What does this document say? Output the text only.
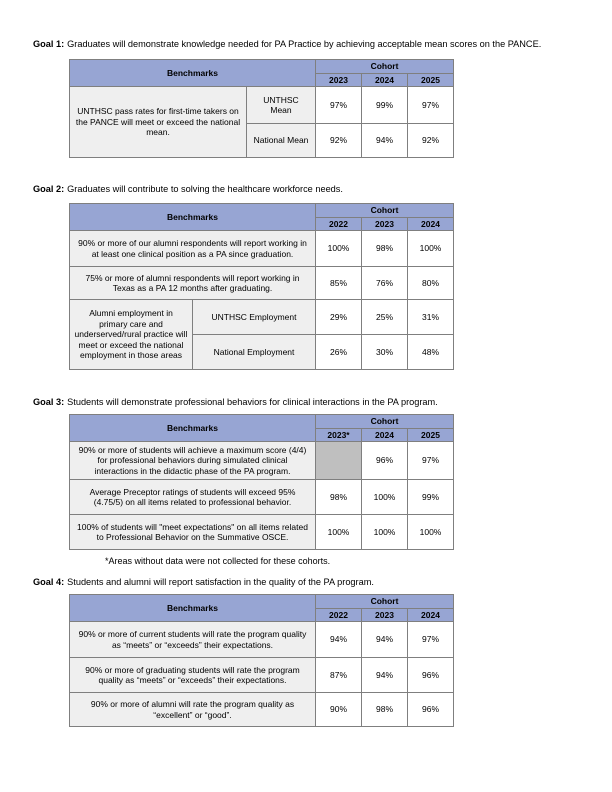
Goal 1: Graduates will demonstrate knowledge needed for PA Practice by achieving acceptable mean scores on the PANCE.

Benchmarks		Cohort		
		2023	2024	2025
UNTHSC pass rates for first-time takers on the PANCE will meet or exceed the national mean.	UNTHSC Mean	97%	99%	97%
	National Mean	92%	94%	92%

Goal 2: Graduates will contribute to solving the healthcare workforce needs.

Benchmarks		Cohort		
		2022	2023	2024
90% or more of our alumni respondents will report working in at least one clinical position as a PA since graduation.		100%	98%	100%
75% or more of alumni respondents will report working in Texas as a PA 12 months after graduating.		85%	76%	80%
Alumni employment in primary care and underserved/rural practice will meet or exceed the national employment in those areas	UNTHSC Employment	29%	25%	31%
	National Employment	26%	30%	48%

Goal 3: Students will demonstrate professional behaviors for clinical interactions in the PA program.

Benchmarks	Cohort		
	2023*	2024	2025
90% or more of students will achieve a maximum score (4/4) for professional behaviors during simulated clinical interactions in the didactic phase of the PA program.		96%	97%
Average Preceptor ratings of students will exceed 95% (4.75/5) on all items related to professional behavior.	98%	100%	99%
100% of students will "meet expectations" on all items related to Professional Behavior on the Summative OSCE.	100%	100%	100%

*Areas without data were not collected for these cohorts.

Goal 4: Students and alumni will report satisfaction in the quality of the PA program.

Benchmarks	Cohort		
	2022	2023	2024
90% or more of current students will rate the program quality as “meets” or “exceeds” their expectations.	94%	94%	97%
90% or more of graduating students will rate the program quality as “meets” or “exceeds” their expectations.	87%	94%	96%
90% or more of alumni will rate the program quality as “excellent” or “good”.	90%	98%	96%
